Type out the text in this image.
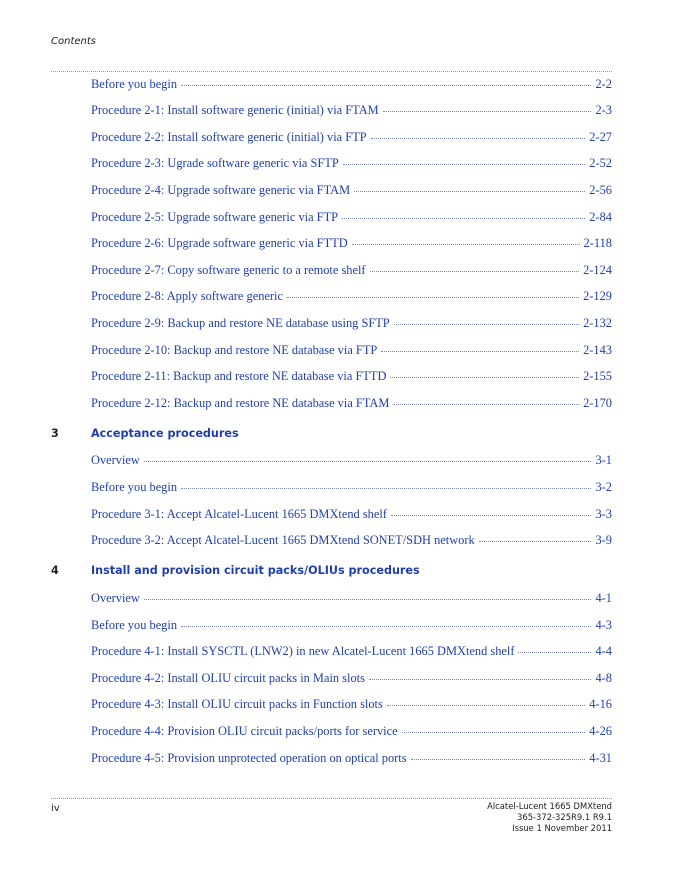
Contents
Before you begin	2-2
Procedure 2-1: Install software generic (initial) via FTAM	2-3
Procedure 2-2: Install software generic (initial) via FTP	2-27
Procedure 2-3: Ugrade software generic via SFTP	2-52
Procedure 2-4: Upgrade software generic via FTAM	2-56
Procedure 2-5: Upgrade software generic via FTP	2-84
Procedure 2-6: Upgrade software generic via FTTD	2-118
Procedure 2-7: Copy software generic to a remote shelf	2-124
Procedure 2-8: Apply software generic	2-129
Procedure 2-9: Backup and restore NE database using SFTP	2-132
Procedure 2-10: Backup and restore NE database via FTP	2-143
Procedure 2-11: Backup and restore NE database via FTTD	2-155
Procedure 2-12: Backup and restore NE database via FTAM	2-170
3	Acceptance procedures
Overview	3-1
Before you begin	3-2
Procedure 3-1: Accept Alcatel-Lucent 1665 DMXtend shelf	3-3
Procedure 3-2: Accept Alcatel-Lucent 1665 DMXtend SONET/SDH network	3-9
4	Install and provision circuit packs/OLIUs procedures
Overview	4-1
Before you begin	4-3
Procedure 4-1: Install SYSCTL (LNW2) in new Alcatel-Lucent 1665 DMXtend shelf	4-4
Procedure 4-2: Install OLIU circuit packs in Main slots	4-8
Procedure 4-3: Install OLIU circuit packs in Function slots	4-16
Procedure 4-4: Provision OLIU circuit packs/ports for service	4-26
Procedure 4-5: Provision unprotected operation on optical ports	4-31
iv	Alcatel-Lucent 1665 DMXtend
365-372-325R9.1 R9.1
Issue 1 November 2011
